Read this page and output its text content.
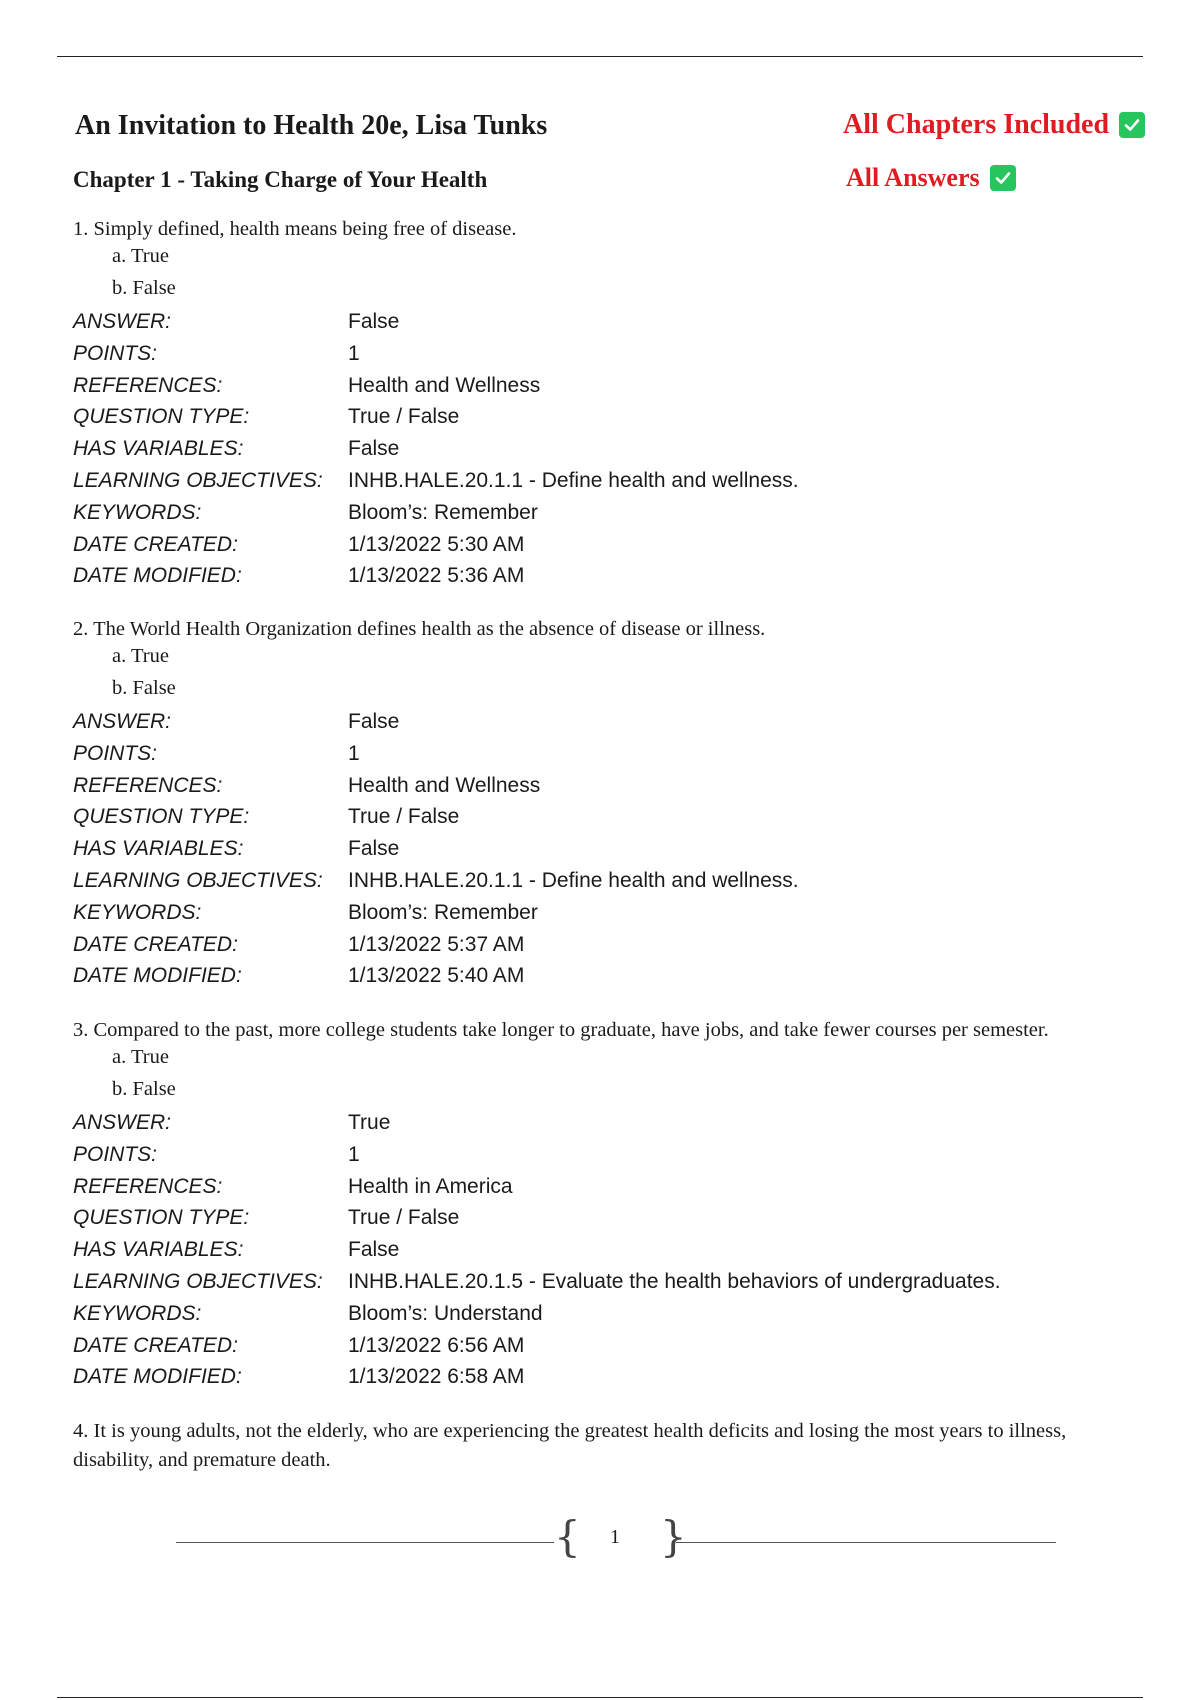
An Invitation to Health 20e, Lisa Tunks
Chapter 1 - Taking Charge of Your Health
All Chapters Included
All Answers
1. Simply defined, health means being free of disease.
a. True
b. False
ANSWER:	False
POINTS:	1
REFERENCES:	Health and Wellness
QUESTION TYPE:	True / False
HAS VARIABLES:	False
LEARNING OBJECTIVES: INHB.HALE.20.1.1 - Define health and wellness.
KEYWORDS:	Bloom’s: Remember
DATE CREATED:	1/13/2022 5:30 AM
DATE MODIFIED:	1/13/2022 5:36 AM
2. The World Health Organization defines health as the absence of disease or illness.
a. True
b. False
ANSWER:	False
POINTS:	1
REFERENCES:	Health and Wellness
QUESTION TYPE:	True / False
HAS VARIABLES:	False
LEARNING OBJECTIVES: INHB.HALE.20.1.1 - Define health and wellness.
KEYWORDS:	Bloom’s: Remember
DATE CREATED:	1/13/2022 5:37 AM
DATE MODIFIED:	1/13/2022 5:40 AM
3. Compared to the past, more college students take longer to graduate, have jobs, and take fewer courses per semester.
a. True
b. False
ANSWER:	True
POINTS:	1
REFERENCES:	Health in America
QUESTION TYPE:	True / False
HAS VARIABLES:	False
LEARNING OBJECTIVES: INHB.HALE.20.1.5 - Evaluate the health behaviors of undergraduates.
KEYWORDS:	Bloom’s: Understand
DATE CREATED:	1/13/2022 6:56 AM
DATE MODIFIED:	1/13/2022 6:58 AM
4. It is young adults, not the elderly, who are experiencing the greatest health deficits and losing the most years to illness, disability, and premature death.
{ 1 }
